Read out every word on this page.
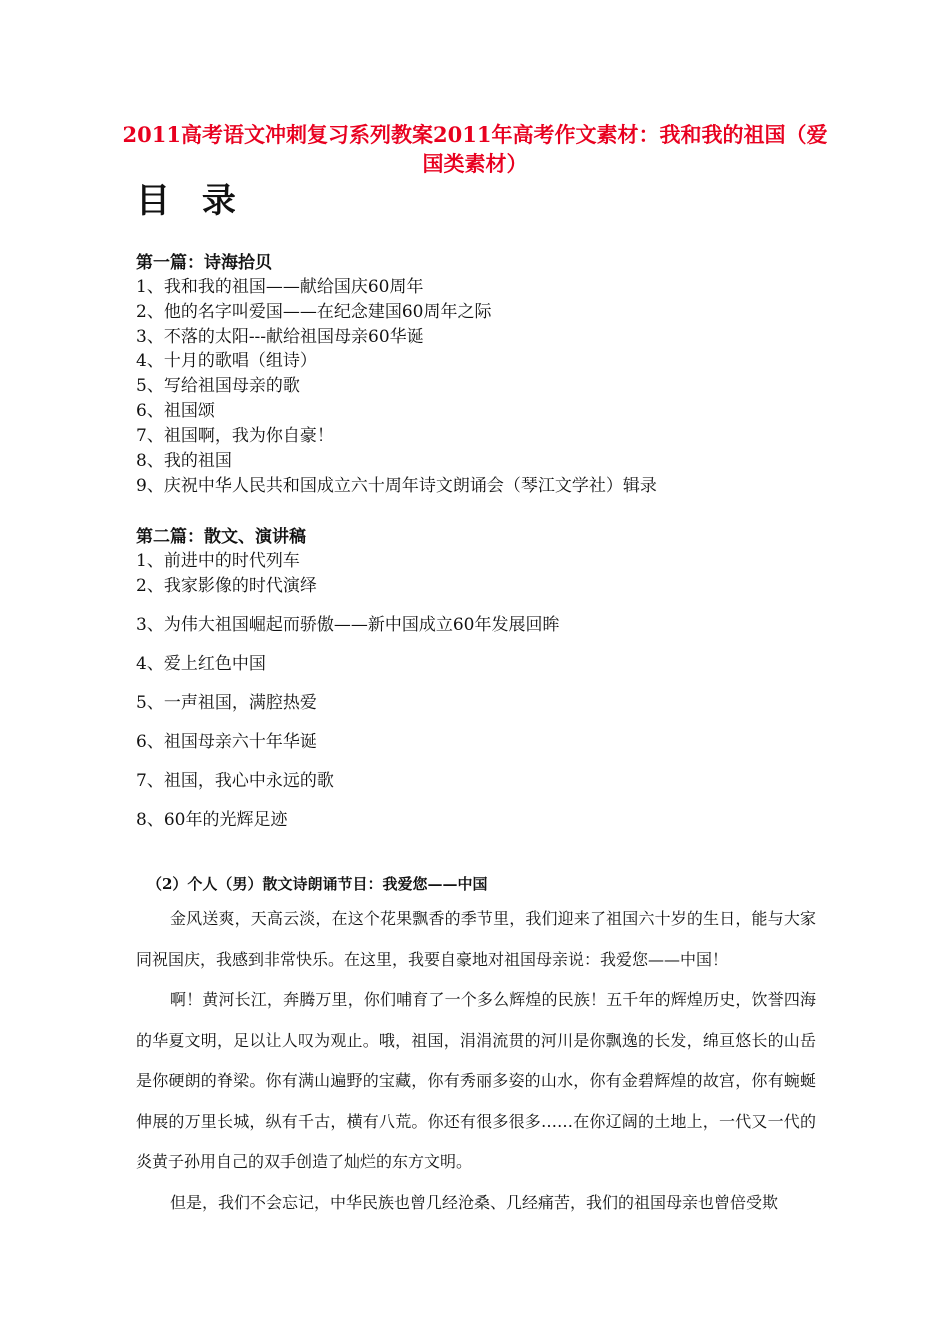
2011高考语文冲刺复习系列教案2011年高考作文素材：我和我的祖国（爱国类素材）
目 录
第一篇：诗海拾贝
1、我和我的祖国——献给国庆60周年
2、他的名字叫爱国——在纪念建国60周年之际
3、不落的太阳---献给祖国母亲60华诞
4、十月的歌唱（组诗）
5、写给祖国母亲的歌
6、祖国颂
7、祖国啊，我为你自豪！
8、我的祖国
9、庆祝中华人民共和国成立六十周年诗文朗诵会（琴江文学社）辑录
第二篇：散文、演讲稿
1、前进中的时代列车
2、我家影像的时代演绎
3、为伟大祖国崛起而骄傲——新中国成立60年发展回眸
4、爱上红色中国
5、一声祖国，满腔热爱
6、祖国母亲六十年华诞
7、祖国，我心中永远的歌
8、60年的光辉足迹
（2）个人（男）散文诗朗诵节目：我爱您——中国
金风送爽，天高云淡，在这个花果飘香的季节里，我们迎来了祖国六十岁的生日，能与大家同祝国庆，我感到非常快乐。在这里，我要自豪地对祖国母亲说：我爱您——中国！
啊！黄河长江，奔腾万里，你们哺育了一个多么辉煌的民族！五千年的辉煌历史，饮誉四海的华夏文明，足以让人叹为观止。哦，祖国，涓涓流贯的河川是你飘逸的长发，绵亘悠长的山岳是你硬朗的脊梁。你有满山遍野的宝藏，你有秀丽多姿的山水，你有金碧辉煌的故宫，你有蜿蜒伸展的万里长城，纵有千古，横有八荒。你还有很多很多……在你辽阔的土地上，一代又一代的炎黄子孙用自己的双手创造了灿烂的东方文明。
但是，我们不会忘记，中华民族也曾几经沧桑、几经痛苦，我们的祖国母亲也曾倍受欺
